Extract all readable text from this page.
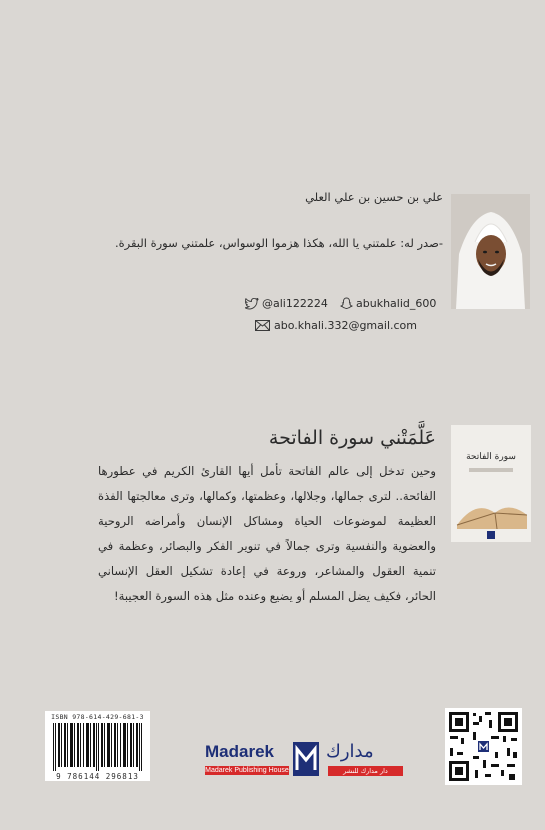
علي بن حسين بن علي العلي
-صدر له: علمتني يا الله، هكذا هزموا الوسواس، علمتني سورة البقرة.
@ali122224	abukhalid_600
abo.khali.332@gmail.com
سورة الفاتحة
عَلَّمَتْني سورة الفاتحة
وحين تدخل إلى عالم الفاتحة تأمل أيها القارئ الكريم في عطورها الفائحة.. لترى جمالها، وجلالها، وعظمتها، وكمالها، وترى معالجتها الفذة العظيمة لموضوعات الحياة ومشاكل الإنسان وأمراضه الروحية والعضوية والنفسية وترى جمالاً في تنوير الفكر والبصائر، وعظمة في تنمية العقول والمشاعر، وروعة في إعادة تشكيل العقل الإنساني الحائر، فكيف يضل المسلم أو يضيع وعنده مثل هذه السورة العجيبة!
ISBN 978-614-429-681-3
9 786144 296813
Madarek
Madarek Publishing House
مدارك
دار مدارك للنشر
